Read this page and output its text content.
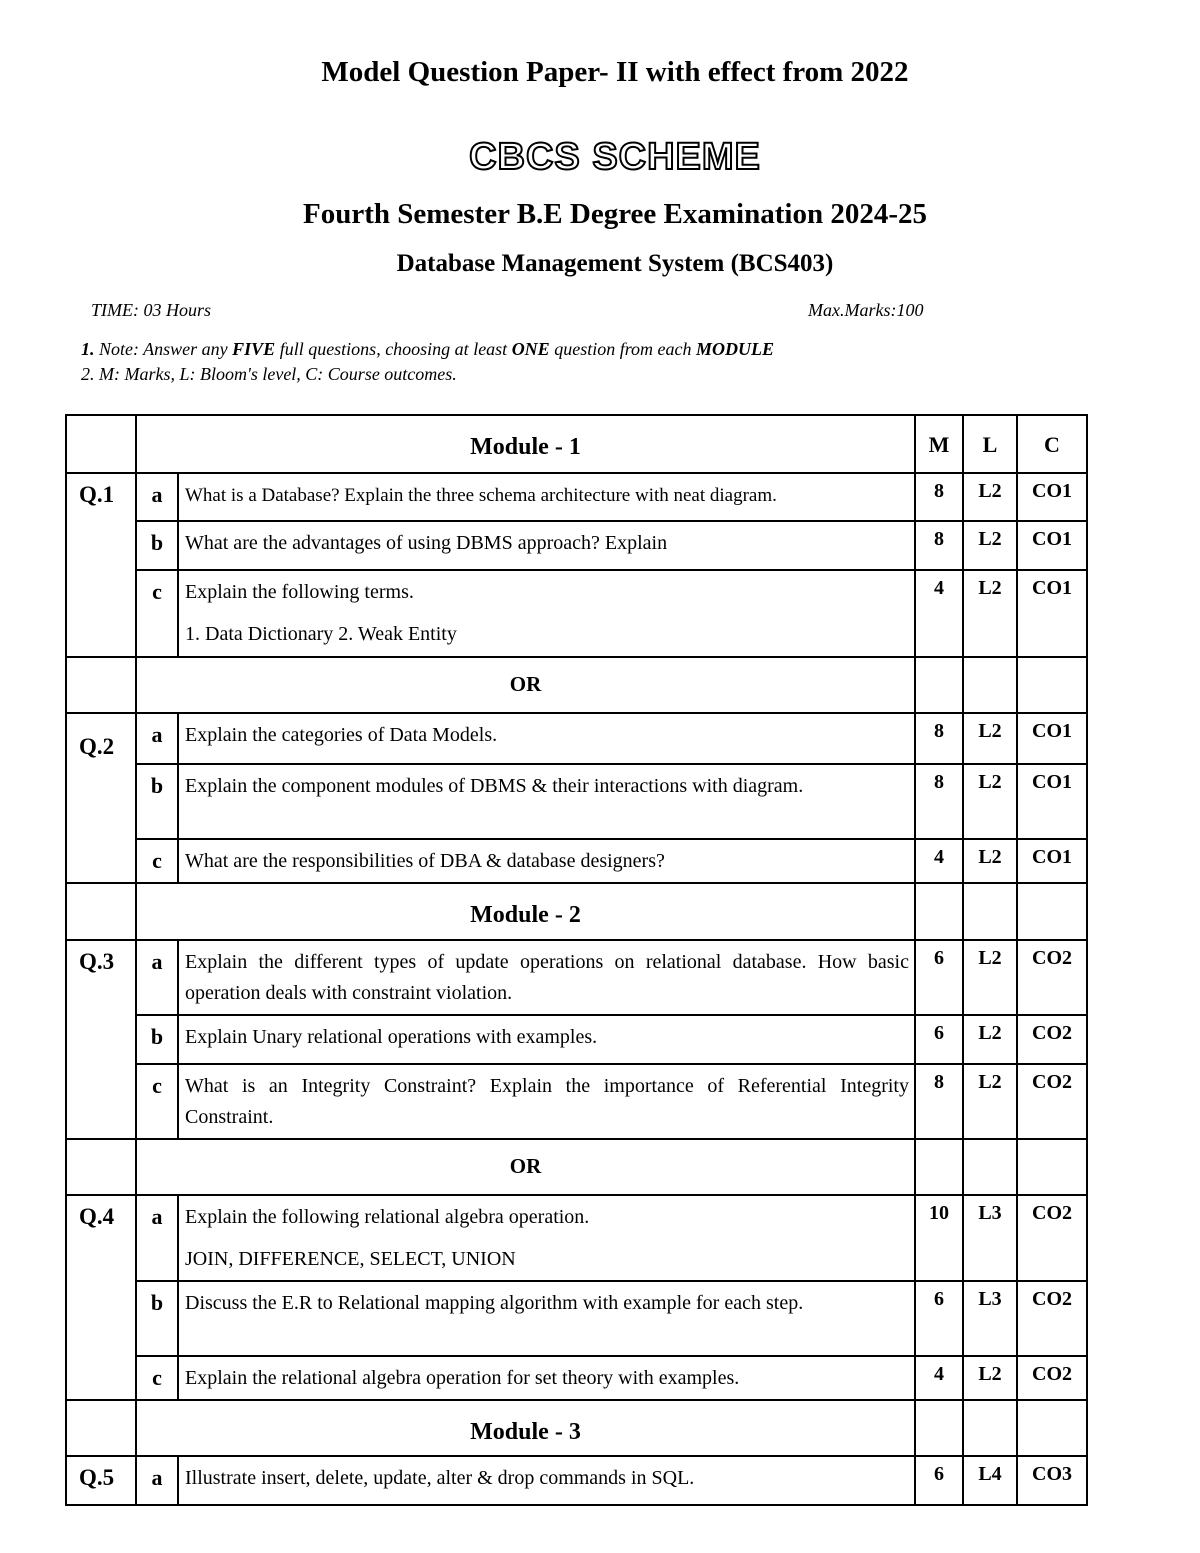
Model Question Paper- II with effect from 2022
CBCS SCHEME
Fourth Semester B.E Degree Examination 2024-25
Database Management System (BCS403)
TIME: 03 Hours	Max.Marks:100
1. Note: Answer any FIVE full questions, choosing at least ONE question from each MODULE
2. M: Marks, L: Bloom's level, C: Course outcomes.
	Module - 1		M	L	C
Q.1	a	What is a Database? Explain the three schema architecture with neat diagram.	8	L2	CO1
	b	What are the advantages of using DBMS approach? Explain	8	L2	CO1
	c	Explain the following terms.
1. Data Dictionary 2. Weak Entity	4	L2	CO1
	OR				
Q.2	a	Explain the categories of Data Models.	8	L2	CO1
	b	Explain the component modules of DBMS & their interactions with diagram.	8	L2	CO1
	c	What are the responsibilities of DBA & database designers?	4	L2	CO1
	Module - 2				
Q.3	a	Explain the different types of update operations on relational database. How basic operation deals with constraint violation.	6	L2	CO2
	b	Explain Unary relational operations with examples.	6	L2	CO2
	c	What is an Integrity Constraint? Explain the importance of Referential Integrity Constraint.	8	L2	CO2
	OR				
Q.4	a	Explain the following relational algebra operation.
JOIN, DIFFERENCE, SELECT, UNION	10	L3	CO2
	b	Discuss the E.R to Relational mapping algorithm with example for each step.	6	L3	CO2
	c	Explain the relational algebra operation for set theory with examples.	4	L2	CO2
	Module - 3				
Q.5	a	Illustrate insert, delete, update, alter & drop commands in SQL.	6	L4	CO3
